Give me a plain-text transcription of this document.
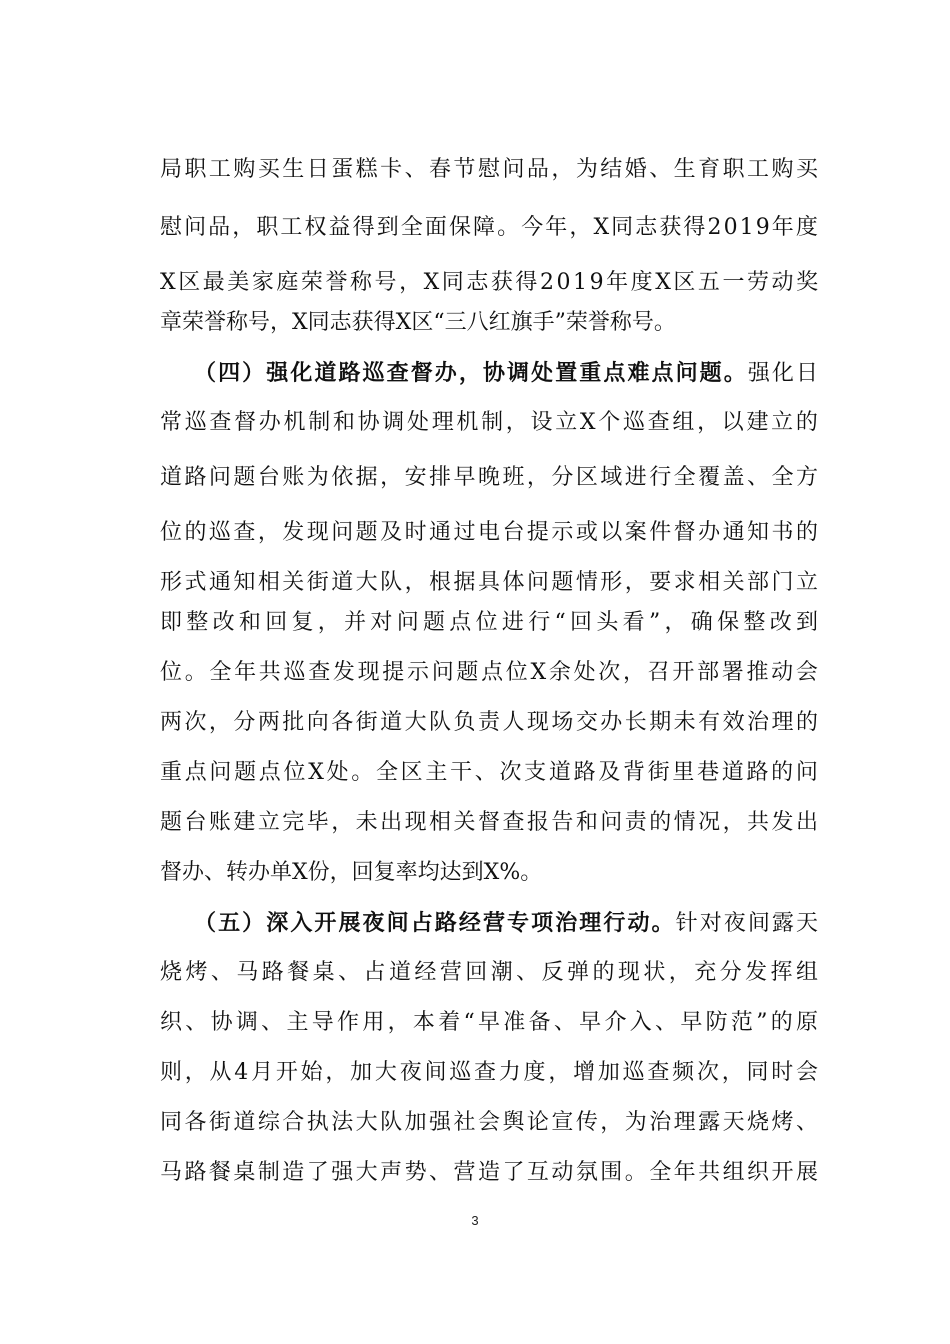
局职工购买生日蛋糕卡、春节慰问品，为结婚、生育职工购买
慰问品，职工权益得到全面保障。今年，X同志获得2019年度
X区最美家庭荣誉称号，X同志获得2019年度X区五一劳动奖
章荣誉称号，X同志获得X区“三八红旗手”荣誉称号。
（四）强化道路巡查督办，协调处置重点难点问题。强化日
常巡查督办机制和协调处理机制，设立X个巡查组，以建立的
道路问题台账为依据，安排早晚班，分区域进行全覆盖、全方
位的巡查，发现问题及时通过电台提示或以案件督办通知书的
形式通知相关街道大队，根据具体问题情形，要求相关部门立
即整改和回复，并对问题点位进行“回头看”，确保整改到
位。全年共巡查发现提示问题点位X余处次，召开部署推动会
两次，分两批向各街道大队负责人现场交办长期未有效治理的
重点问题点位X处。全区主干、次支道路及背街里巷道路的问
题台账建立完毕，未出现相关督查报告和问责的情况，共发出
督办、转办单X份，回复率均达到X%。
（五）深入开展夜间占路经营专项治理行动。针对夜间露天
烧烤、马路餐桌、占道经营回潮、反弹的现状，充分发挥组
织、协调、主导作用，本着“早准备、早介入、早防范”的原
则，从4月开始，加大夜间巡查力度，增加巡查频次，同时会
同各街道综合执法大队加强社会舆论宣传，为治理露天烧烤、
马路餐桌制造了强大声势、营造了互动氛围。全年共组织开展
3
